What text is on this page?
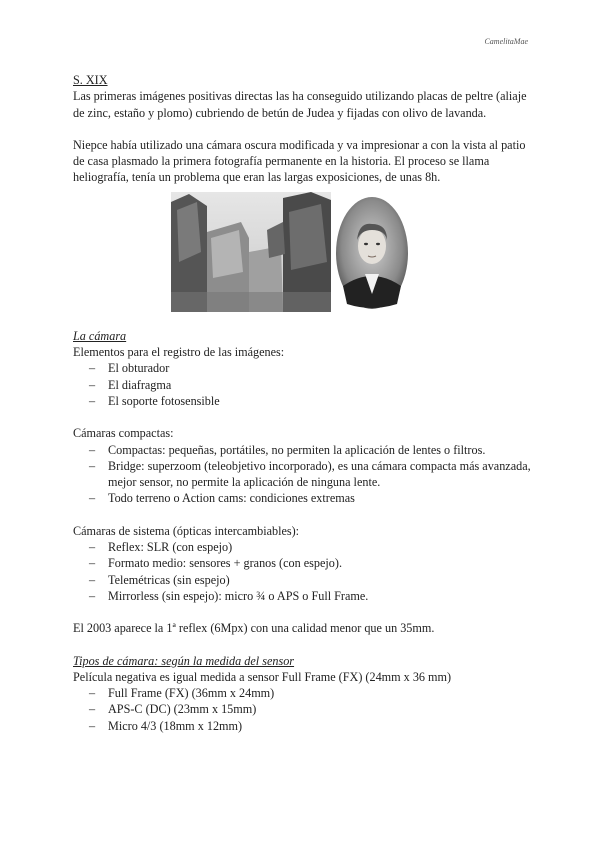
CamelitaMae

S. XIX

Las primeras imágenes positivas directas las ha conseguido utilizando placas de peltre (aliaje de zinc, estaño y plomo) cubriendo de betún de Judea y fijadas con olivo de lavanda.

Niepce había utilizado una cámara oscura modificada y va impresionar a con la vista al patio de casa plasmado la primera fotografía permanente en la historia. El proceso se llama heliografía, tenía un problema que eran las largas exposiciones, de unas 8h.

La cámara

Elementos para el registro de las imágenes:

– El obturador
– El diafragma
– El soporte fotosensible

Cámaras compactas:

– Compactas: pequeñas, portátiles, no permiten la aplicación de lentes o filtros.
– Bridge: superzoom (teleobjetivo incorporado), es una cámara compacta más avanzada, mejor sensor, no permite la aplicación de ninguna lente.
– Todo terreno o Action cams: condiciones extremas

Cámaras de sistema (ópticas intercambiables):

– Reflex: SLR (con espejo)
– Formato medio: sensores + granos (con espejo).
– Telemétricas (sin espejo)
– Mirrorless (sin espejo): micro ¾ o APS o Full Frame.

El 2003 aparece la 1ª reflex (6Mpx) con una calidad menor que un 35mm.

Tipos de cámara: según la medida del sensor

Película negativa es igual medida a sensor Full Frame (FX) (24mm x 36 mm)

– Full Frame (FX) (36mm x 24mm)
– APS-C (DC) (23mm x 15mm)
– Micro 4/3 (18mm x 12mm)
